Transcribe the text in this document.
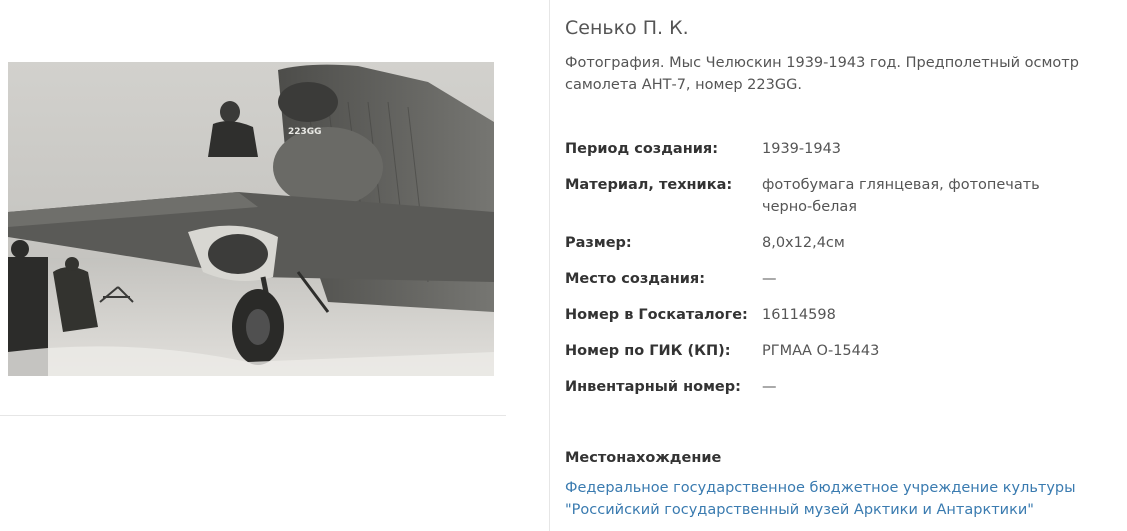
223GG
Сенько П. К.
Фотография. Мыс Челюскин 1939-1943 год. Предполетный осмотр самолета АНТ-7, номер 223GG.
Период создания:	1939-1943
Материал, техника:	фотобумага глянцевая, фотопечать черно-белая
Размер:	8,0х12,4см
Место создания:	—
Номер в Госкаталоге: 16114598
Номер по ГИК (КП):	РГМАА О-15443
Инвентарный номер:	—
Местонахождение
Федеральное государственное бюджетное учреждение культуры "Российский государственный музей Арктики и Антарктики"
